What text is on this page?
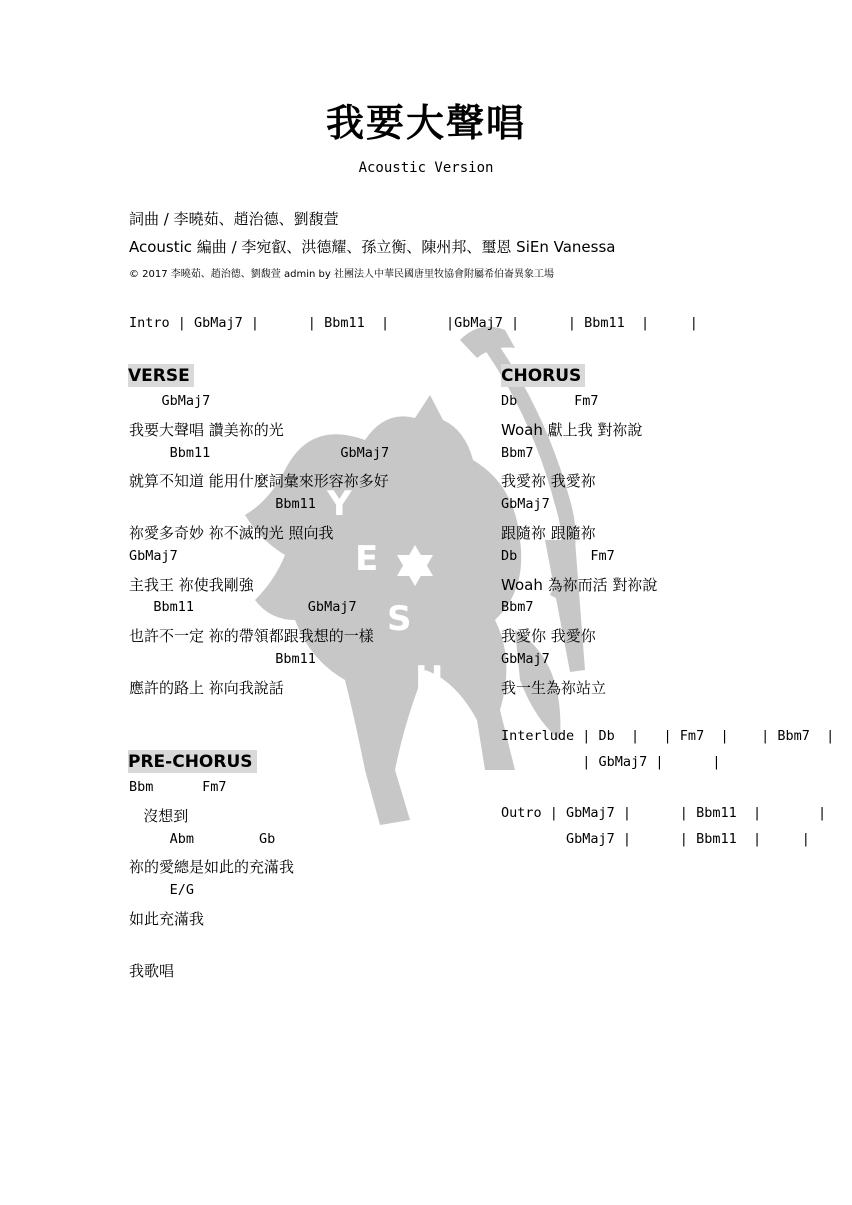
Y
E
S
H
U
A
我要大聲唱
Acoustic Version
詞曲 / 李曉茹、趙治德、劉馥萱
Acoustic 編曲 / 李宛叡、洪德耀、孫立衡、陳州邦、璽恩 SiEn Vanessa
© 2017 李曉茹、趙治德、劉馥萱 admin by 社團法人中華民國唐里牧協會附屬希伯崙異象工場
Intro | GbMaj7 |      | Bbm11  |       |GbMaj7 |      | Bbm11  |     |
VERSE
GbMaj7
我要大聲唱 讚美祢的光
Bbm11                GbMaj7
就算不知道 能用什麼詞彙來形容祢多好
Bbm11
祢愛多奇妙 祢不滅的光 照向我
GbMaj7
主我王 祢使我剛強
Bbm11              GbMaj7
也許不一定 祢的帶領都跟我想的一樣
Bbm11
應許的路上 祢向我說話
CHORUS
Db       Fm7
Woah 獻上我 對祢說
Bbm7
我愛祢 我愛祢
GbMaj7
跟隨祢 跟隨祢
Db         Fm7
Woah 為祢而活 對祢說
Bbm7
我愛你 我愛你
GbMaj7
我一生為祢站立
Interlude | Db  |   | Fm7  |    | Bbm7  |
| GbMaj7 |      |
PRE-CHORUS
Bbm      Fm7
沒想到
Abm        Gb
祢的愛總是如此的充滿我
E/G
如此充滿我
我歌唱
Outro | GbMaj7 |      | Bbm11  |       |
GbMaj7 |      | Bbm11  |     |
